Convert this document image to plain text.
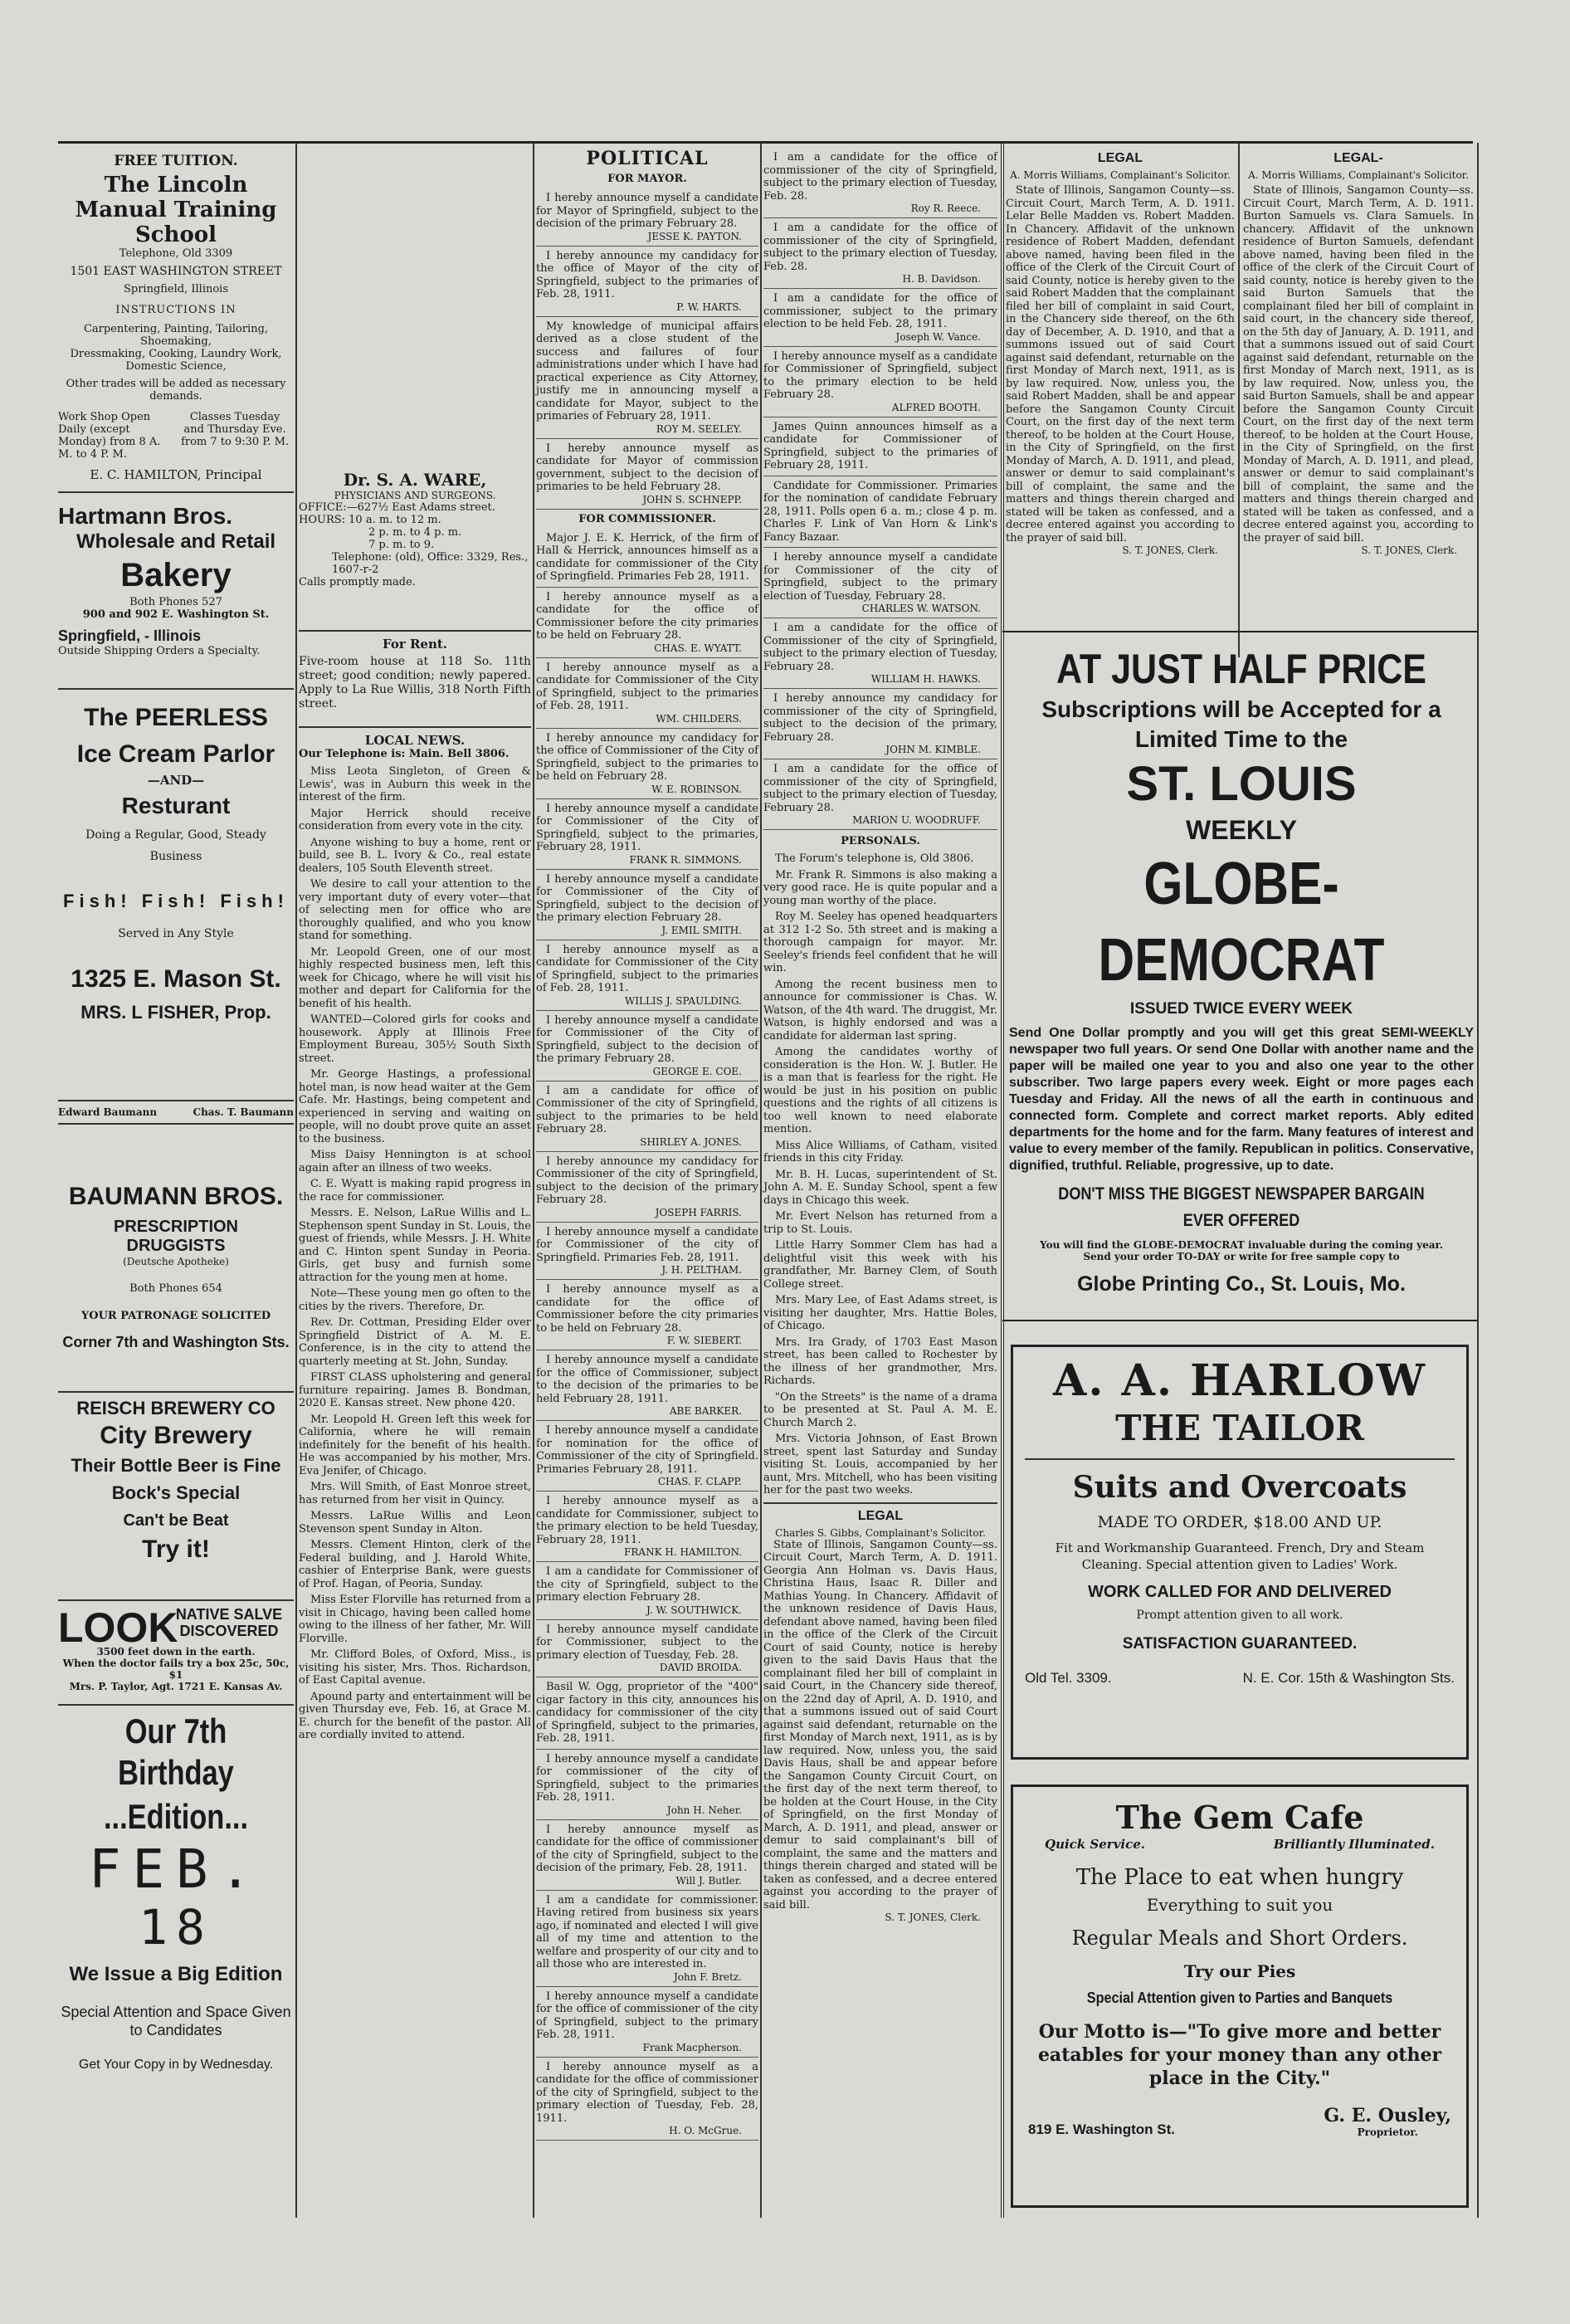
FREE TUITION.

The Lincoln Manual Training School

Telephone, Old 3309

1501 EAST WASHINGTON STREET

Springfield, Illinois

INSTRUCTIONS IN

Carpentering, Painting, Tailoring, Shoemaking,

Dressmaking, Cooking, Laundry Work,

Domestic Science,

Other trades will be added as necessary demands.

Work Shop Open Daily (except Monday) from 8 A. M. to 4 P. M.

Classes Tuesday and Thursday Eve. from 7 to 9:30 P. M.

E. C. HAMILTON, Principal

Hartmann Bros.

Wholesale and Retail

Bakery

Both Phones 527

900 and 902 E. Washington St.

Springfield, - Illinois

Outside Shipping Orders a Specialty.

The PEERLESS

Ice Cream Parlor

—AND—

Resturant

Doing a Regular, Good, Steady Business

Fish! Fish! Fish!

Served in Any Style

1325 E. Mason St.

MRS. L FISHER, Prop.

Edward Baumann	Chas. T. Baumann

BAUMANN BROS.

PRESCRIPTION DRUGGISTS

(Deutsche Apotheke)

Both Phones 654

YOUR PATRONAGE SOLICITED

Corner 7th and Washington Sts.

REISCH BREWERY CO

City Brewery

Their Bottle Beer is Fine

Bock's Special

Can't be Beat

Try it!

LOOK

NATIVE SALVE DISCOVERED

3500 feet down in the earth.

When the doctor fails try a box 25c, 50c, $1

Mrs. P. Taylor, Agt. 1721 E. Kansas Av.

Our 7th Birthday

...Edition...

FEB.

18

We Issue a Big Edition

Special Attention and Space Given to Candidates

Get Your Copy in by Wednesday.

Dr. S. A. WARE,

PHYSICIANS AND SURGEONS.

OFFICE:—627½ East Adams street.

HOURS: 10 a. m. to 12 m.

2 p. m. to 4 p. m.

7 p. m. to 9.

Telephone: (old), Office: 3329, Res., 1607-r-2

Calls promptly made.

For Rent.

Five-room house at 118 So. 11th street; good condition; newly papered. Apply to La Rue Willis, 318 North Fifth street.

LOCAL NEWS.

Our Telephone is: Main. Bell 3806.

Miss Leota Singleton, of Green & Lewis', was in Auburn this week in the interest of the firm.

Major Herrick should receive consideration from every vote in the city.

Anyone wishing to buy a home, rent or build, see B. L. Ivory & Co., real estate dealers, 105 South Eleventh street.

We desire to call your attention to the very important duty of every voter—that of selecting men for office who are thoroughly qualified, and who you know stand for something.

Mr. Leopold Green, one of our most highly respected business men, left this week for Chicago, where he will visit his mother and depart for California for the benefit of his health.

WANTED—Colored girls for cooks and housework. Apply at Illinois Free Employment Bureau, 305½ South Sixth street.

Mr. George Hastings, a professional hotel man, is now head waiter at the Gem Cafe. Mr. Hastings, being competent and experienced in serving and waiting on people, will no doubt prove quite an asset to the business.

Miss Daisy Hennington is at school again after an illness of two weeks.

C. E. Wyatt is making rapid progress in the race for commissioner.

Messrs. E. Nelson, LaRue Willis and L. Stephenson spent Sunday in St. Louis, the guest of friends, while Messrs. J. H. White and C. Hinton spent Sunday in Peoria. Girls, get busy and furnish some attraction for the young men at home.

Note—These young men go often to the cities by the rivers. Therefore, Dr.

Rev. Dr. Cottman, Presiding Elder over Springfield District of A. M. E. Conference, is in the city to attend the quarterly meeting at St. John, Sunday.

FIRST CLASS upholstering and general furniture repairing. James B. Bondman, 2020 E. Kansas street. New phone 420.

Mr. Leopold H. Green left this week for California, where he will remain indefinitely for the benefit of his health. He was accompanied by his mother, Mrs. Eva Jenifer, of Chicago.

Mrs. Will Smith, of East Monroe street, has returned from her visit in Quincy.

Messrs. LaRue Willis and Leon Stevenson spent Sunday in Alton.

Messrs. Clement Hinton, clerk of the Federal building, and J. Harold White, cashier of Enterprise Bank, were guests of Prof. Hagan, of Peoria, Sunday.

Miss Ester Florville has returned from a visit in Chicago, having been called home owing to the illness of her father, Mr. Will Florville.

Mr. Clifford Boles, of Oxford, Miss., is visiting his sister, Mrs. Thos. Richardson, of East Capital avenue.

Apound party and entertainment will be given Thursday eve, Feb. 16, at Grace M. E. church for the benefit of the pastor. All are cordially invited to attend.

POLITICAL

FOR MAYOR.

I hereby announce myself a candidate for Mayor of Springfield, subject to the decision of the primary February 28.

JESSE K. PAYTON.

I hereby announce my candidacy for the office of Mayor of the city of Springfield, subject to the primaries of Feb. 28, 1911.

P. W. HARTS.

My knowledge of municipal affairs derived as a close student of the success and failures of four administrations under which I have had practical experience as City Attorney, justify me in announcing myself a candidate for Mayor, subject to the primaries of February 28, 1911.

ROY M. SEELEY.

I hereby announce myself as candidate for Mayor of commission government, subject to the decision of primaries to be held February 28.

JOHN S. SCHNEPP.

FOR COMMISSIONER.

Major J. E. K. Herrick, of the firm of Hall & Herrick, announces himself as a candidate for commissioner of the City of Springfield. Primaries Feb 28, 1911.

I hereby announce myself as a candidate for the office of Commissioner before the city primaries to be held on February 28.

CHAS. E. WYATT.

I hereby announce myself as a candidate for Commissioner of the City of Springfield, subject to the primaries of Feb. 28, 1911.

WM. CHILDERS.

I hereby announce my candidacy for the office of Commissioner of the City of Springfield, subject to the primaries to be held on February 28.

W. E. ROBINSON.

I hereby announce myself a candidate for Commissioner of the City of Springfield, subject to the primaries, February 28, 1911.

FRANK R. SIMMONS.

I hereby announce myself a candidate for Commissioner of the City of Springfield, subject to the decision of the primary election February 28.

J. EMIL SMITH.

I hereby announce myself as a candidate for Commissioner of the City of Springfield, subject to the primaries of Feb. 28, 1911.

WILLIS J. SPAULDING.

I hereby announce myself a candidate for Commissioner of the City of Springfield, subject to the decision of the primary February 28.

GEORGE E. COE.

I am a candidate for office of Commissioner of the city of Springfield, subject to the primaries to be held February 28.

SHIRLEY A. JONES.

I hereby announce my candidacy for Commissioner of the city of Springfield, subject to the decision of the primary February 28.

JOSEPH FARRIS.

I hereby announce myself a candidate for Commissioner of the city of Springfield. Primaries Feb. 28, 1911.

J. H. PELTHAM.

I hereby announce myself as a candidate for the office of Commissioner before the city primaries to be held on February 28.

F. W. SIEBERT.

I hereby announce myself a candidate for the office of Commissioner, subject to the decision of the primaries to be held February 28, 1911.

ABE BARKER.

I hereby announce myself a candidate for nomination for the office of Commissioner of the city of Springfield. Primaries February 28, 1911.

CHAS. F. CLAPP.

I hereby announce myself as a candidate for Commissioner, subject to the primary election to be held Tuesday, February 28, 1911.

FRANK H. HAMILTON.

I am a candidate for Commissioner of the city of Springfield, subject to the primary election February 28.

J. W. SOUTHWICK.

I hereby announce myself candidate for Commissioner, subject to the primary election of Tuesday, Feb. 28.

DAVID BROIDA.

Basil W. Ogg, proprietor of the "400" cigar factory in this city, announces his candidacy for commissioner of the city of Springfield, subject to the primaries, Feb. 28, 1911.

I hereby announce myself a candidate for commissioner of the city of Springfield, subject to the primaries Feb. 28, 1911.

John H. Neher.

I hereby announce myself as candidate for the office of commissioner of the city of Springfield, subject to the decision of the primary, Feb. 28, 1911.

Will J. Butler.

I am a candidate for commissioner. Having retired from business six years ago, if nominated and elected I will give all of my time and attention to the welfare and prosperity of our city and to all those who are interested in.

John F. Bretz.

I hereby announce myself a candidate for the office of commissioner of the city of Springfield, subject to the primary Feb. 28, 1911.

Frank Macpherson.

I hereby announce myself as a candidate for the office of commissioner of the city of Springfield, subject to the primary election of Tuesday, Feb. 28, 1911.

H. O. McGrue.

I am a candidate for the office of commissioner of the city of Springfield, subject to the primary election of Tuesday, Feb. 28.

Roy R. Reece.

I am a candidate for the office of commissioner of the city of Springfield, subject to the primary election of Tuesday, Feb. 28.

H. B. Davidson.

I am a candidate for the office of commissioner, subject to the primary election to be held Feb. 28, 1911.

Joseph W. Vance.

I hereby announce myself as a candidate for Commissioner of Springfield, subject to the primary election to be held February 28.

ALFRED BOOTH.

James Quinn announces himself as a candidate for Commissioner of Springfield, subject to the primaries of February 28, 1911.

Candidate for Commissioner. Primaries for the nomination of candidate February 28, 1911. Polls open 6 a. m.; close 4 p. m. Charles F. Link of Van Horn & Link's Fancy Bazaar.

I hereby announce myself a candidate for Commissioner of the city of Springfield, subject to the primary election of Tuesday, February 28.

CHARLES W. WATSON.

I am a candidate for the office of Commissioner of the city of Springfield, subject to the primary election of Tuesday, February 28.

WILLIAM H. HAWKS.

I hereby announce my candidacy for commissioner of the city of Springfield, subject to the decision of the primary, February 28.

JOHN M. KIMBLE.

I am a candidate for the office of commissioner of the city of Springfield, subject to the primary election of Tuesday, February 28.

MARION U. WOODRUFF.

PERSONALS.

The Forum's telephone is, Old 3806.

Mr. Frank R. Simmons is also making a very good race. He is quite popular and a young man worthy of the place.

Roy M. Seeley has opened headquarters at 312 1-2 So. 5th street and is making a thorough campaign for mayor. Mr. Seeley's friends feel confident that he will win.

Among the recent business men to announce for commissioner is Chas. W. Watson, of the 4th ward. The druggist, Mr. Watson, is highly endorsed and was a candidate for alderman last spring.

Among the candidates worthy of consideration is the Hon. W. J. Butler. He is a man that is fearless for the right. He would be just in his position on public questions and the rights of all citizens is too well known to need elaborate mention.

Miss Alice Williams, of Catham, visited friends in this city Friday.

Mr. B. H. Lucas, superintendent of St. John A. M. E. Sunday School, spent a few days in Chicago this week.

Mr. Evert Nelson has returned from a trip to St. Louis.

Little Harry Sommer Clem has had a delightful visit this week with his grandfather, Mr. Barney Clem, of South College street.

Mrs. Mary Lee, of East Adams street, is visiting her daughter, Mrs. Hattie Boles, of Chicago.

Mrs. Ira Grady, of 1703 East Mason street, has been called to Rochester by the illness of her grandmother, Mrs. Richards.

"On the Streets" is the name of a drama to be presented at St. Paul A. M. E. Church March 2.

Mrs. Victoria Johnson, of East Brown street, spent last Saturday and Sunday visiting St. Louis, accompanied by her aunt, Mrs. Mitchell, who has been visiting her for the past two weeks.

LEGAL

Charles S. Gibbs, Complainant's Solicitor.

State of Illinois, Sangamon County—ss. Circuit Court, March Term, A. D. 1911. Georgia Ann Holman vs. Davis Haus, Christina Haus, Isaac R. Diller and Mathias Young. In Chancery. Affidavit of the unknown residence of Davis Haus, defendant above named, having been filed in the office of the Clerk of the Circuit Court of said County, notice is hereby given to the said Davis Haus that the complainant filed her bill of complaint in said Court, in the Chancery side thereof, on the 22nd day of April, A. D. 1910, and that a summons issued out of said Court against said defendant, returnable on the first Monday of March next, 1911, as is by law required. Now, unless you, the said Davis Haus, shall be and appear before the Sangamon County Circuit Court, on the first day of the next term thereof, to be holden at the Court House, in the City of Springfield, on the first Monday of March, A. D. 1911, and plead, answer or demur to said complainant's bill of complaint, the same and the matters and things therein charged and stated will be taken as confessed, and a decree entered against you according to the prayer of said bill.

S. T. JONES, Clerk.

LEGAL

A. Morris Williams, Complainant's Solicitor.

State of Illinois, Sangamon County—ss. Circuit Court, March Term, A. D. 1911. Lelar Belle Madden vs. Robert Madden. In Chancery. Affidavit of the unknown residence of Robert Madden, defendant above named, having been filed in the office of the Clerk of the Circuit Court of said County, notice is hereby given to the said Robert Madden that the complainant filed her bill of complaint in said Court, in the Chancery side thereof, on the 6th day of December, A. D. 1910, and that a summons issued out of said Court against said defendant, returnable on the first Monday of March next, 1911, as is by law required. Now, unless you, the said Robert Madden, shall be and appear before the Sangamon County Circuit Court, on the first day of the next term thereof, to be holden at the Court House, in the City of Springfield, on the first Monday of March, A. D. 1911, and plead, answer or demur to said complainant's bill of complaint, the same and the matters and things therein charged and stated will be taken as confessed, and a decree entered against you according to the prayer of said bill.

S. T. JONES, Clerk.

LEGAL-

A. Morris Williams, Complainant's Solicitor.

State of Illinois, Sangamon County—ss. Circuit Court, March Term, A. D. 1911. Burton Samuels vs. Clara Samuels. In chancery. Affidavit of the unknown residence of Burton Samuels, defendant above named, having been filed in the office of the clerk of the Circuit Court of said county, notice is hereby given to the said Burton Samuels that the complainant filed her bill of complaint in said court, in the chancery side thereof, on the 5th day of January, A. D. 1911, and that a summons issued out of said Court against said defendant, returnable on the first Monday of March next, 1911, as is by law required. Now, unless you, the said Burton Samuels, shall be and appear before the Sangamon County Circuit Court, on the first day of the next term thereof, to be holden at the Court House, in the City of Springfield, on the first Monday of March, A. D. 1911, and plead, answer or demur to said complainant's bill of complaint, the same and the matters and things therein charged and stated will be taken as confessed, and a decree entered against you, according to the prayer of said bill.

S. T. JONES, Clerk.

AT JUST HALF PRICE

Subscriptions will be Accepted for a Limited Time to the

ST. LOUIS

WEEKLY

GLOBE-DEMOCRAT

ISSUED TWICE EVERY WEEK

Send One Dollar promptly and you will get this great SEMI-WEEKLY newspaper two full years. Or send One Dollar with another name and the paper will be mailed one year to you and also one year to the other subscriber. Two large papers every week. Eight or more pages each Tuesday and Friday. All the news of all the earth in continuous and connected form. Complete and correct market reports. Ably edited departments for the home and for the farm. Many features of interest and value to every member of the family. Republican in politics. Conservative, dignified, truthful. Reliable, progressive, up to date.

DON'T MISS THE BIGGEST NEWSPAPER BARGAIN EVER OFFERED

You will find the GLOBE-DEMOCRAT invaluable during the coming year. Send your order TO-DAY or write for free sample copy to

Globe Printing Co., St. Louis, Mo.

A. A. HARLOW

THE TAILOR

Suits and Overcoats

MADE TO ORDER, $18.00 AND UP.

Fit and Workmanship Guaranteed. French, Dry and Steam Cleaning. Special attention given to Ladies' Work.

WORK CALLED FOR AND DELIVERED

Prompt attention given to all work.

SATISFACTION GUARANTEED.

Old Tel. 3309.	N. E. Cor. 15th & Washington Sts.

The Gem Cafe

Quick Service.	Brilliantly Illuminated.

The Place to eat when hungry

Everything to suit you

Regular Meals and Short Orders.

Try our Pies

Special Attention given to Parties and Banquets

Our Motto is—"To give more and better eatables for your money than any other place in the City."

819 E. Washington St.

G. E. Ousley,

Proprietor.
